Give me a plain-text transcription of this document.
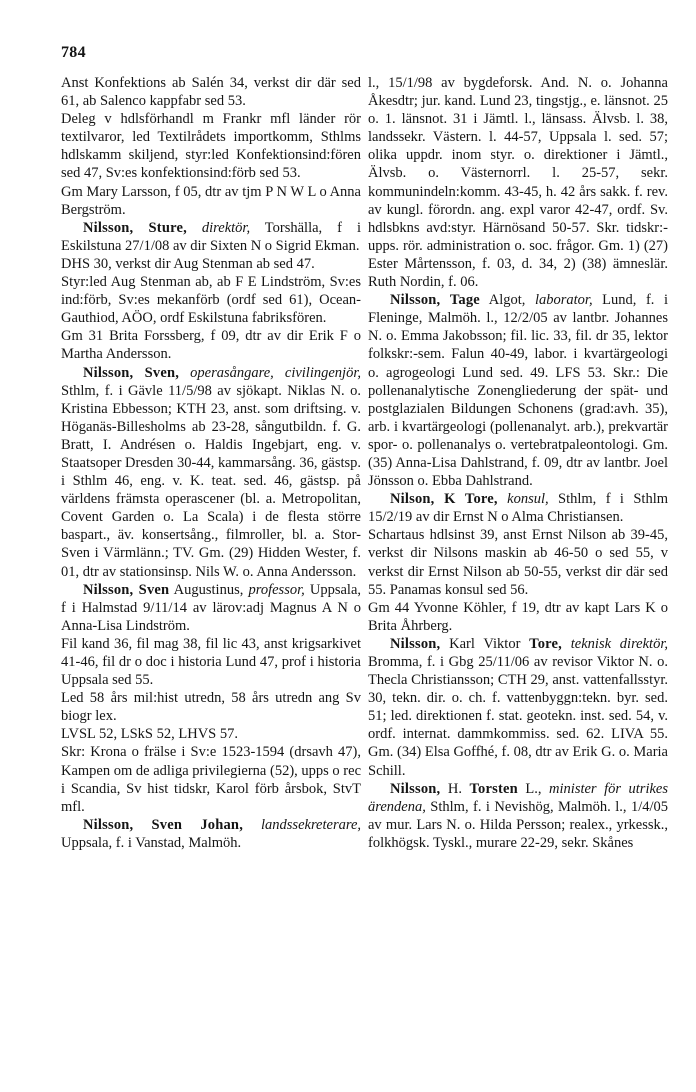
784

Anst Konfektions ab Salén 34, verkst dir där sed 61, ab Salenco kappfabr sed 53.

Deleg v hdlsförhandl m Frankr mfl länder rör textilvaror, led Textilrådets importkomm, Sthlms hdlskamm skiljend, styr:led Konfektionsind:fören sed 47, Sv:es konfektionsind:förb sed 53.

Gm Mary Larsson, f 05, dtr av tjm P N W L o Anna Bergström.

Nilsson, Sture, direktör, Torshälla, f i Eskilstuna 27/1/08 av dir Sixten N o Sigrid Ekman.

DHS 30, verkst dir Aug Stenman ab sed 47.

Styr:led Aug Stenman ab, ab F E Lindström, Sv:es ind:förb, Sv:es mekanförb (ordf sed 61), Ocean-Gauthiod, AÖO, ordf Eskilstuna fabriksfören.

Gm 31 Brita Forssberg, f 09, dtr av dir Erik F o Martha Andersson.

Nilsson, Sven, operasångare, civilingenjör, Sthlm, f. i Gävle 11/5/98 av sjökapt. Niklas N. o. Kristina Ebbesson; KTH 23, anst. som driftsing. v. Höganäs-Billesholms ab 23-28, sångutbildn. f. G. Bratt, I. Andrésen o. Haldis Ingebjart, eng. v. Staatsoper Dresden 30-44, kammarsång. 36, gästsp. i Sthlm 46, eng. v. K. teat. sed. 46, gästsp. på världens främsta operascener (bl. a. Metropolitan, Covent Garden o. La Scala) i de flesta större baspart., äv. konsertsång., filmroller, bl. a. Stor-Sven i Värmlänn.; TV. Gm. (29) Hidden Wester, f. 01, dtr av stationsinsp. Nils W. o. Anna Andersson.

Nilsson, Sven Augustinus, professor, Uppsala, f i Halmstad 9/11/14 av lärov:adj Magnus A N o Anna-Lisa Lindström.

Fil kand 36, fil mag 38, fil lic 43, anst krigsarkivet 41-46, fil dr o doc i historia Lund 47, prof i historia Uppsala sed 55.

Led 58 års mil:hist utredn, 58 års utredn ang Sv biogr lex.

LVSL 52, LSkS 52, LHVS 57.

Skr: Krona o frälse i Sv:e 1523-1594 (drsavh 47), Kampen om de adliga privilegierna (52), upps o rec i Scandia, Sv hist tidskr, Karol förb årsbok, StvT mfl.

Nilsson, Sven Johan, landssekreterare, Uppsala, f. i Vanstad, Malmöh.

l., 15/1/98 av bygdeforsk. And. N. o. Johanna Åkesdtr; jur. kand. Lund 23, tingstjg., e. länsnot. 25 o. 1. länsnot. 31 i Jämtl. l., länsass. Älvsb. l. 38, landssekr. Västern. l. 44-57, Uppsala l. sed. 57; olika uppdr. inom styr. o. direktioner i Jämtl., Älvsb. o. Västernorrl. l. 25-57, sekr. kommunindeln:komm. 43-45, h. 42 års sakk. f. rev. av kungl. förordn. ang. expl varor 42-47, ordf. Sv. hdlsbkns avd:styr. Härnösand 50-57. Skr. tidskr:-upps. rör. administration o. soc. frågor. Gm. 1) (27) Ester Mårtensson, f. 03, d. 34, 2) (38) ämneslär. Ruth Nordin, f. 06.

Nilsson, Tage Algot, laborator, Lund, f. i Fleninge, Malmöh. l., 12/2/05 av lantbr. Johannes N. o. Emma Jakobsson; fil. lic. 33, fil. dr 35, lektor folkskr:-sem. Falun 40-49, labor. i kvartärgeologi o. agrogeologi Lund sed. 49. LFS 53. Skr.: Die pollenanalytische Zonengliederung der spät- und postglazialen Bildungen Schonens (grad:avh. 35), arb. i kvartärgeologi (pollenanalyt. arb.), prekvartär spor- o. pollenanalys o. vertebratpaleontologi. Gm. (35) Anna-Lisa Dahlstrand, f. 09, dtr av lantbr. Joel Jönsson o. Ebba Dahlstrand.

Nilson, K Tore, konsul, Sthlm, f i Sthlm 15/2/19 av dir Ernst N o Alma Christiansen.

Schartaus hdlsinst 39, anst Ernst Nilson ab 39-45, verkst dir Nilsons maskin ab 46-50 o sed 55, v verkst dir Ernst Nilson ab 50-55, verkst dir där sed 55. Panamas konsul sed 56.

Gm 44 Yvonne Köhler, f 19, dtr av kapt Lars K o Brita Åhrberg.

Nilsson, Karl Viktor Tore, teknisk direktör, Bromma, f. i Gbg 25/11/06 av revisor Viktor N. o. Thecla Christiansson; CTH 29, anst. vattenfallsstyr. 30, tekn. dir. o. ch. f. vattenbyggn:tekn. byr. sed. 51; led. direktionen f. stat. geotekn. inst. sed. 54, v. ordf. internat. dammkommiss. sed. 62. LIVA 55. Gm. (34) Elsa Goffhé, f. 08, dtr av Erik G. o. Maria Schill.

Nilsson, H. Torsten L., minister för utrikes ärendena, Sthlm, f. i Nevishög, Malmöh. l., 1/4/05 av mur. Lars N. o. Hilda Persson; realex., yrkessk., folkhögsk. Tyskl., murare 22-29, sekr. Skånes
